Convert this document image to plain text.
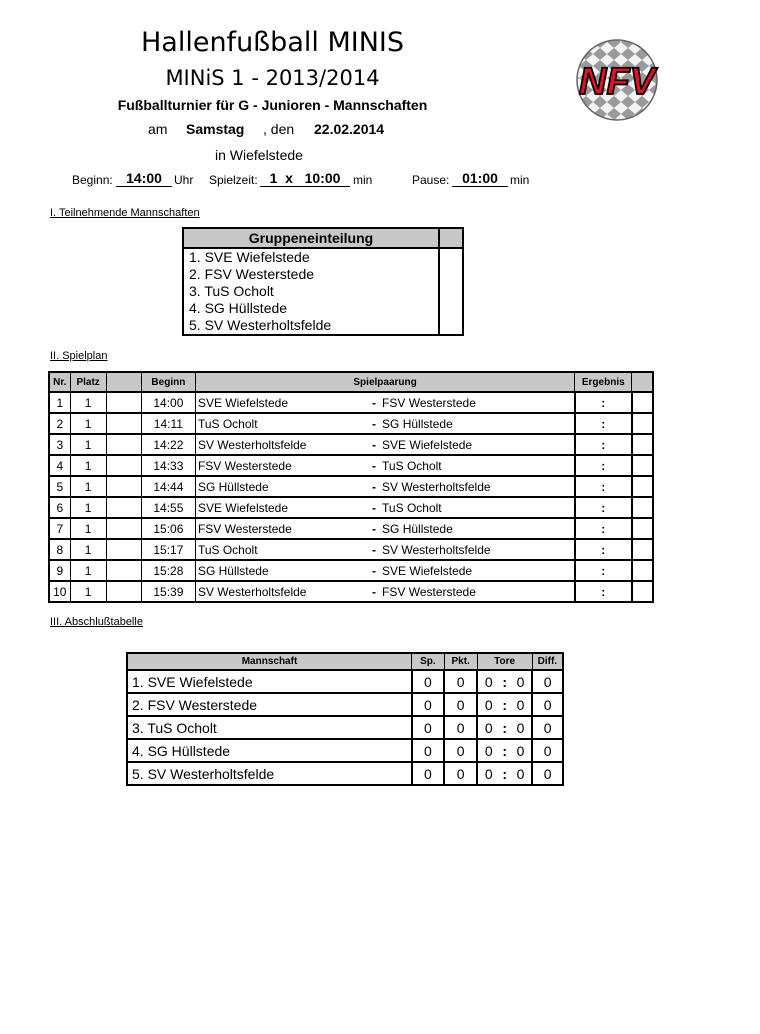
Hallenfußball MINIS
MINiS 1 - 2013/2014
Fußballturnier für G - Junioren - Mannschaften
am Samstag , den 22.02.2014
in Wiefelstede
Beginn: 14:00	Uhr Spielzeit: 1  x   10:00	min	Pause: 01:00	min
NFV
I. Teilnehmende Mannschaften
Gruppeneinteilung	
1. SVE Wiefelstede	
2. FSV Westerstede	
3. TuS Ocholt	
4. SG Hüllstede	
5. SV Westerholtsfelde	
II. Spielplan
Nr.	Platz		Beginn	Spielpaarung			Ergebnis	
1	1		14:00	SVE Wiefelstede	-	FSV Westerstede	:	
2	1		14:11	TuS Ocholt	-	SG Hüllstede	:	
3	1		14:22	SV Westerholtsfelde	-	SVE Wiefelstede	:	
4	1		14:33	FSV Westerstede	-	TuS Ocholt	:	
5	1		14:44	SG Hüllstede	-	SV Westerholtsfelde	:	
6	1		14:55	SVE Wiefelstede	-	TuS Ocholt	:	
7	1		15:06	FSV Westerstede	-	SG Hüllstede	:	
8	1		15:17	TuS Ocholt	-	SV Westerholtsfelde	:	
9	1		15:28	SG Hüllstede	-	SVE Wiefelstede	:	
10	1		15:39	SV Westerholtsfelde	-	FSV Westerstede	:	
III. Abschlußtabelle
Mannschaft	Sp.	Pkt.	Tore			Diff.
1. SVE Wiefelstede	0	0	0	:	0	0
2. FSV Westerstede	0	0	0	:	0	0
3. TuS Ocholt	0	0	0	:	0	0
4. SG Hüllstede	0	0	0	:	0	0
5. SV Westerholtsfelde	0	0	0	:	0	0
